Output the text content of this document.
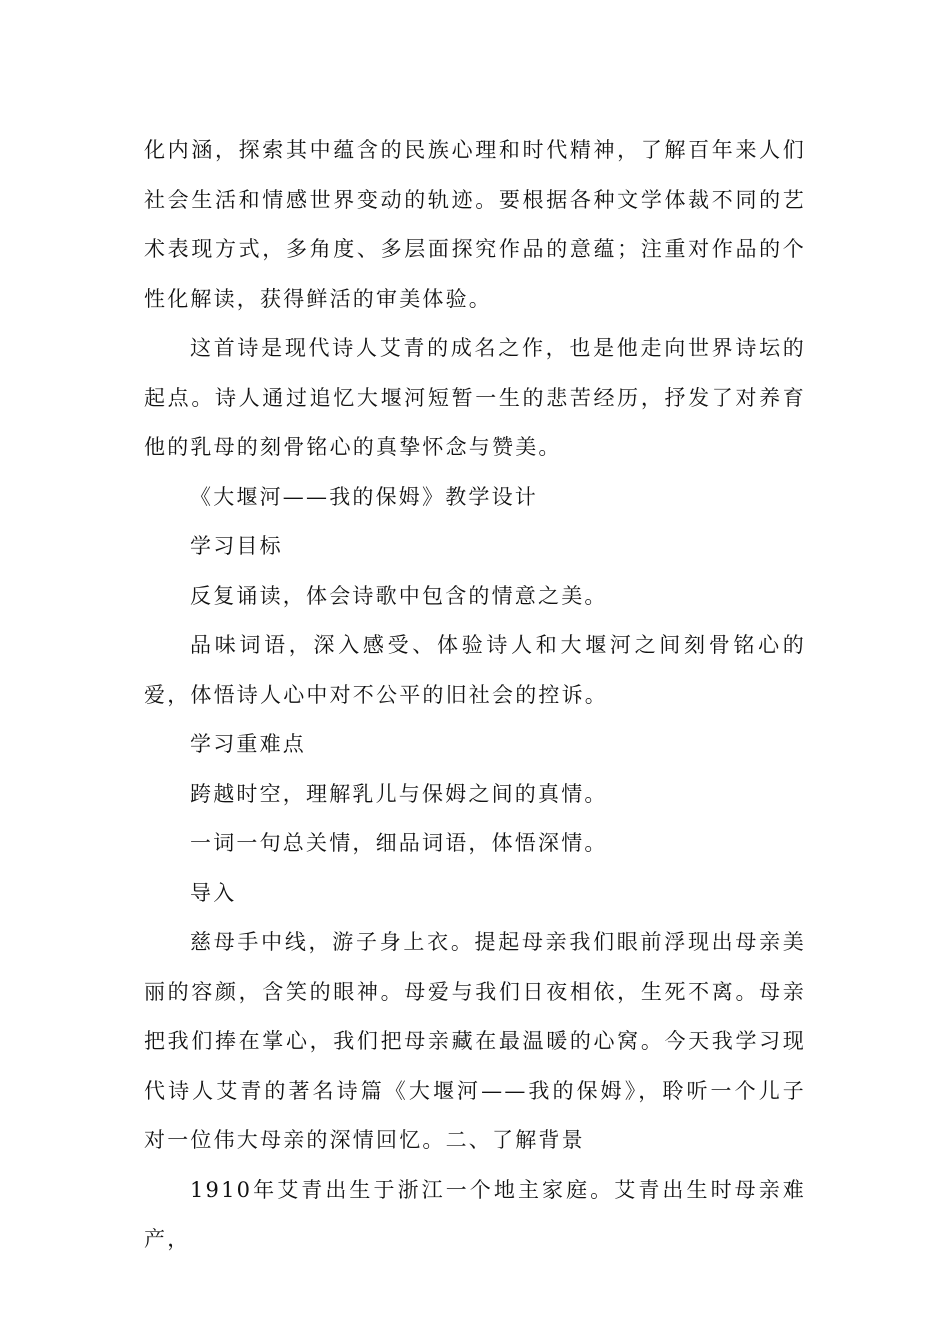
化内涵，探索其中蕴含的民族心理和时代精神，了解百年来人们社会生活和情感世界变动的轨迹。要根据各种文学体裁不同的艺术表现方式，多角度、多层面探究作品的意蕴；注重对作品的个性化解读，获得鲜活的审美体验。

这首诗是现代诗人艾青的成名之作，也是他走向世界诗坛的起点。诗人通过追忆大堰河短暂一生的悲苦经历，抒发了对养育他的乳母的刻骨铭心的真挚怀念与赞美。

《大堰河——我的保姆》教学设计

学习目标

反复诵读，体会诗歌中包含的情意之美。

品味词语，深入感受、体验诗人和大堰河之间刻骨铭心的爱，体悟诗人心中对不公平的旧社会的控诉。

学习重难点

跨越时空，理解乳儿与保姆之间的真情。

一词一句总关情，细品词语，体悟深情。

导入

慈母手中线，游子身上衣。提起母亲我们眼前浮现出母亲美丽的容颜，含笑的眼神。母爱与我们日夜相依，生死不离。母亲把我们捧在掌心，我们把母亲藏在最温暖的心窝。今天我学习现代诗人艾青的著名诗篇《大堰河——我的保姆》，聆听一个儿子对一位伟大母亲的深情回忆。二、了解背景

1910年艾青出生于浙江一个地主家庭。艾青出生时母亲难产，
